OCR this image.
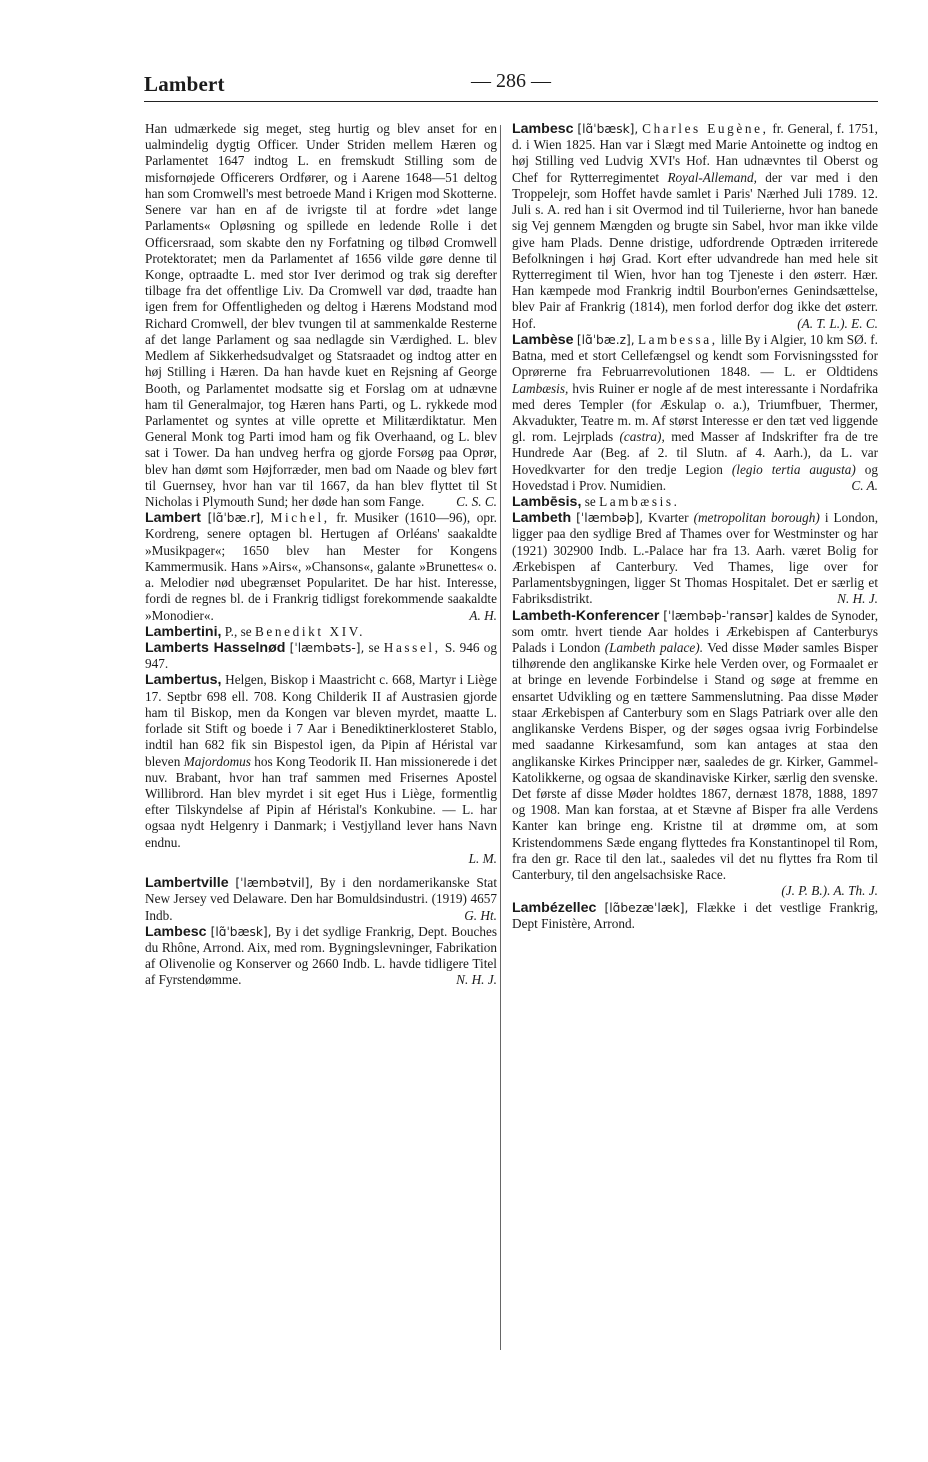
Lambert	— 286 —

Han udmærkede sig meget, steg hurtig og blev anset for en ualmindelig dygtig Officer. Under Striden mellem Hæren og Parlamentet 1647 indtog L. en fremskudt Stilling som de misfornøjede Officerers Ordfører, og i Aarene 1648—51 deltog han som Cromwell's mest betroede Mand i Krigen mod Skotterne. Senere var han en af de ivrigste til at fordre »det lange Parlaments« Opløsning og spillede en ledende Rolle i det Officersraad, som skabte den ny Forfatning og tilbød Cromwell Protektoratet; men da Parlamentet af 1656 vilde gøre denne til Konge, optraadte L. med stor Iver derimod og trak sig derefter tilbage fra det offentlige Liv. Da Cromwell var død, traadte han igen frem for Offentligheden og deltog i Hærens Modstand mod Richard Cromwell, der blev tvungen til at sammenkalde Resterne af det lange Parlament og saa nedlagde sin Værdighed. L. blev Medlem af Sikkerhedsudvalget og Statsraadet og indtog atter en høj Stilling i Hæren. Da han havde kuet en Rejsning af George Booth, og Parlamentet modsatte sig et Forslag om at udnævne ham til Generalmajor, tog Hæren hans Parti, og L. rykkede mod Parlamentet og syntes at ville oprette et Militærdiktatur. Men General Monk tog Parti imod ham og fik Overhaand, og L. blev sat i Tower. Da han undveg herfra og gjorde Forsøg paa Oprør, blev han dømt som Højforræder, men bad om Naade og blev ført til Guernsey, hvor han var til 1667, da han blev flyttet til St Nicholas i Plymouth Sund; her døde han som Fange.	C. S. C.

Lambert [lɑ̃ˈbæ.r], Michel, fr. Musiker (1610—96), opr. Kordreng, senere optagen bl. Hertugen af Orléans' saakaldte »Musikpager«; 1650 blev han Mester for Kongens Kammermusik. Hans »Airs«, »Chansons«, galante »Brunettes« o. a. Melodier nød ubegrænset Popularitet. De har hist. Interesse, fordi de regnes bl. de i Frankrig tidligst forekommende saakaldte »Monodier«.	A. H.

Lambertini, P., se Benedikt XIV.

Lamberts Hasselnød [ˈlæmbəts-], se Hassel, S. 946 og 947.

Lambertus, Helgen, Biskop i Maastricht c. 668, Martyr i Liège 17. Septbr 698 ell. 708. Kong Childerik II af Austrasien gjorde ham til Biskop, men da Kongen var bleven myrdet, maatte L. forlade sit Stift og boede i 7 Aar i Benediktinerklosteret Stablo, indtil han 682 fik sin Bispestol igen, da Pipin af Héristal var bleven Majordomus hos Kong Teodorik II. Han missionerede i det nuv. Brabant, hvor han traf sammen med Frisernes Apostel Willibrord. Han blev myrdet i sit eget Hus i Liège, formentlig efter Tilskyndelse af Pipin af Héristal's Konkubine. — L. har ogsaa nydt Helgenry i Danmark; i Vestjylland lever hans Navn endnu.
L. M.

Lambertville [ˈlæmbətvil], By i den nordamerikanske Stat New Jersey ved Delaware. Den har Bomuldsindustri. (1919) 4657 Indb.	G. Ht.

Lambesc [lɑ̃ˈbæsk], By i det sydlige Frankrig, Dept. Bouches du Rhône, Arrond. Aix, med rom. Bygningslevninger, Fabrikation af Olivenolie og Konserver og 2660 Indb. L. havde tidligere Titel af Fyrstendømme.	N. H. J.

Lambesc [lɑ̃ˈbæsk], Charles Eugène, fr. General, f. 1751, d. i Wien 1825. Han var i Slægt med Marie Antoinette og indtog en høj Stilling ved Ludvig XVI's Hof. Han udnævntes til Oberst og Chef for Rytterregimentet Royal-Allemand, der var med i den Troppelejr, som Hoffet havde samlet i Paris' Nærhed Juli 1789. 12. Juli s. A. red han i sit Overmod ind til Tuilerierne, hvor han banede sig Vej gennem Mængden og brugte sin Sabel, hvor man ikke vilde give ham Plads. Denne dristige, udfordrende Optræden irriterede Befolkningen i høj Grad. Kort efter udvandrede han med hele sit Rytterregiment til Wien, hvor han tog Tjeneste i den østerr. Hær. Han kæmpede mod Frankrig indtil Bourbon'ernes Genindsættelse, blev Pair af Frankrig (1814), men forlod derfor dog ikke det østerr. Hof.	(A. T. L.). E. C.

Lambèse [lɑ̃ˈbæ.z], Lambessa, lille By i Algier, 10 km SØ. f. Batna, med et stort Cellefængsel og kendt som Forvisningssted for Oprørerne fra Februarrevolutionen 1848. — L. er Oldtidens Lambæsis, hvis Ruiner er nogle af de mest interessante i Nordafrika med deres Templer (for Æskulap o. a.), Triumfbuer, Thermer, Akvadukter, Teatre m. m. Af størst Interesse er den tæt ved liggende gl. rom. Lejrplads (castra), med Masser af Indskrifter fra de tre Hundrede Aar (Beg. af 2. til Slutn. af 4. Aarh.), da L. var Hovedkvarter for den tredje Legion (legio tertia augusta) og Hovedstad i Prov. Numidien.	C. A.

Lambēsis, se Lambæsis.

Lambeth [ˈlæmbəþ], Kvarter (metropolitan borough) i London, ligger paa den sydlige Bred af Thames over for Westminster og har (1921) 302900 Indb. L.-Palace har fra 13. Aarh. været Bolig for Ærkebispen af Canterbury. Ved Thames, lige over for Parlamentsbygningen, ligger St Thomas Hospitalet. Det er særlig et Fabriksdistrikt.	N. H. J.

Lambeth-Konferencer [ˈlæmbəþ-ˈransər] kaldes de Synoder, som omtr. hvert tiende Aar holdes i Ærkebispen af Canterburys Palads i London (Lambeth palace). Ved disse Møder samles Bisper tilhørende den anglikanske Kirke hele Verden over, og Formaalet er at bringe en levende Forbindelse i Stand og søge at fremme en ensartet Udvikling og en tættere Sammenslutning. Paa disse Møder staar Ærkebispen af Canterbury som en Slags Patriark over alle den anglikanske Verdens Bisper, og der søges ogsaa ivrig Forbindelse med saadanne Kirkesamfund, som kan antages at staa den anglikanske Kirkes Principper nær, saaledes de gr. Kirker, Gammel-Katolikkerne, og ogsaa de skandinaviske Kirker, særlig den svenske. Det første af disse Møder holdtes 1867, dernæst 1878, 1888, 1897 og 1908. Man kan forstaa, at et Stævne af Bisper fra alle Verdens Kanter kan bringe eng. Kristne til at drømme om, at som Kristendommens Sæde engang flyttedes fra Konstantinopel til Rom, fra den gr. Race til den lat., saaledes vil det nu flyttes fra Rom til Canterbury, til den angelsachsiske Race.
(J. P. B.). A. Th. J.

Lambézellec [lɑ̃bezæˈlæk], Flække i det vestlige Frankrig, Dept Finistère, Arrond.
